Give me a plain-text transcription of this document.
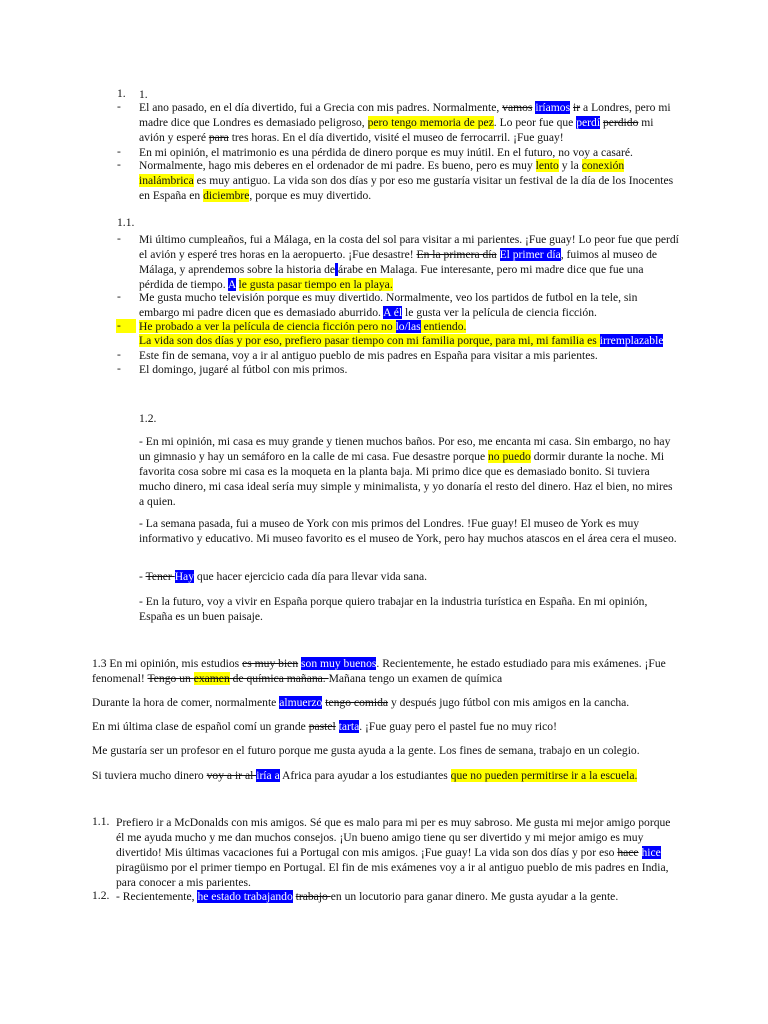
1. 1.
- El ano pasado, en el día divertido, fui a Grecia con mis padres. Normalmente, vamos iríamos ir a Londres, pero mi madre dice que Londres es demasiado peligroso, pero tengo memoria de pez. Lo peor fue que perdí perdido mi avión y esperé para tres horas. En el día divertido, visité el museo de ferrocarril. ¡Fue guay!
- En mi opinión, el matrimonio es una pérdida de dinero porque es muy inútil. En el futuro, no voy a casaré.
- Normalmente, hago mis deberes en el ordenador de mi padre. Es bueno, pero es muy lento y la conexión inalámbrica es muy antiguo. La vida son dos días y por eso me gustaría visitar un festival de la día de los Inocentes en España en diciembre, porque es muy divertido.
1.1.
- Mi último cumpleaños, fui a Málaga, en la costa del sol para visitar a mi parientes. ¡Fue guay! Lo peor fue que perdí el avión y esperé tres horas en la aeropuerto. ¡Fue desastre! En la primera día El primer día, fuimos al museo de Málaga, y aprendemos sobre la historia de árabe en Malaga. Fue interesante, pero mi madre dice que fue una pérdida de tiempo. A le gusta pasar tiempo en la playa.
- Me gusta mucho televisión porque es muy divertido. Normalmente, veo los partidos de futbol en la tele, sin embargo mi padre dicen que es demasiado aburrido. A él le gusta ver la película de ciencia ficción.
- He probado a ver la película de ciencia ficción pero no lo/las entiendo.
La vida son dos días y por eso, prefiero pasar tiempo con mi familia porque, para mi, mi familia es irremplazable
- Este fin de semana, voy a ir al antiguo pueblo de mis padres en España para visitar a mis parientes.
- El domingo, jugaré al fútbol con mis primos.
1.2.
- En mi opinión, mi casa es muy grande y tienen muchos baños. Por eso, me encanta mi casa. Sin embargo, no hay un gimnasio y hay un semáforo en la calle de mi casa. Fue desastre porque no puedo dormir durante la noche. Mi favorita cosa sobre mi casa es la moqueta en la planta baja. Mi primo dice que es demasiado bonito. Si tuviera mucho dinero, mi casa ideal sería muy simple y minimalista, y yo donaría el resto del dinero. Haz el bien, no mires a quien.
- La semana pasada, fui a museo de York con mis primos del Londres. !Fue guay! El museo de York es muy informativo y educativo. Mi museo favorito es el museo de York, pero hay muchos atascos en el área cera el museo.
- Tener Hay que hacer ejercicio cada día para llevar vida sana.
- En la futuro, voy a vivir en España porque quiero trabajar en la industria turística en España. En mi opinión, España es un buen paisaje.
1.3 En mi opinión, mis estudios es muy bien son muy buenos. Recientemente, he estado estudiado para mis exámenes. ¡Fue fenomenal! Tengo un examen de química mañana. Mañana tengo un examen de química
Durante la hora de comer, normalmente almuerzo tengo comida y después jugo fútbol con mis amigos en la cancha.
En mi última clase de español comí un grande pastel tarta. ¡Fue guay pero el pastel fue no muy rico!
Me gustaría ser un profesor en el futuro porque me gusta ayuda a la gente. Los fines de semana, trabajo en un colegio.
Si tuviera mucho dinero voy a ir al iría a Africa para ayudar a los estudiantes que no pueden permitirse ir a la escuela.
1.1. Prefiero ir a McDonalds con mis amigos. Sé que es malo para mi per es muy sabroso. Me gusta mi mejor amigo porque él me ayuda mucho y me dan muchos consejos. ¡Un bueno amigo tiene qu ser divertido y mi mejor amigo es muy divertido! Mis últimas vacaciones fui a Portugal con mis amigos. ¡Fue guay! La vida son dos días y por eso hace hice piragüismo por el primer tiempo en Portugal. El fin de mis exámenes voy a ir al antiguo pueblo de mis padres en India, para conocer a mis parientes.
1.2. - Recientemente, he estado trabajando trabajo en un locutorio para ganar dinero. Me gusta ayudar a la gente.
